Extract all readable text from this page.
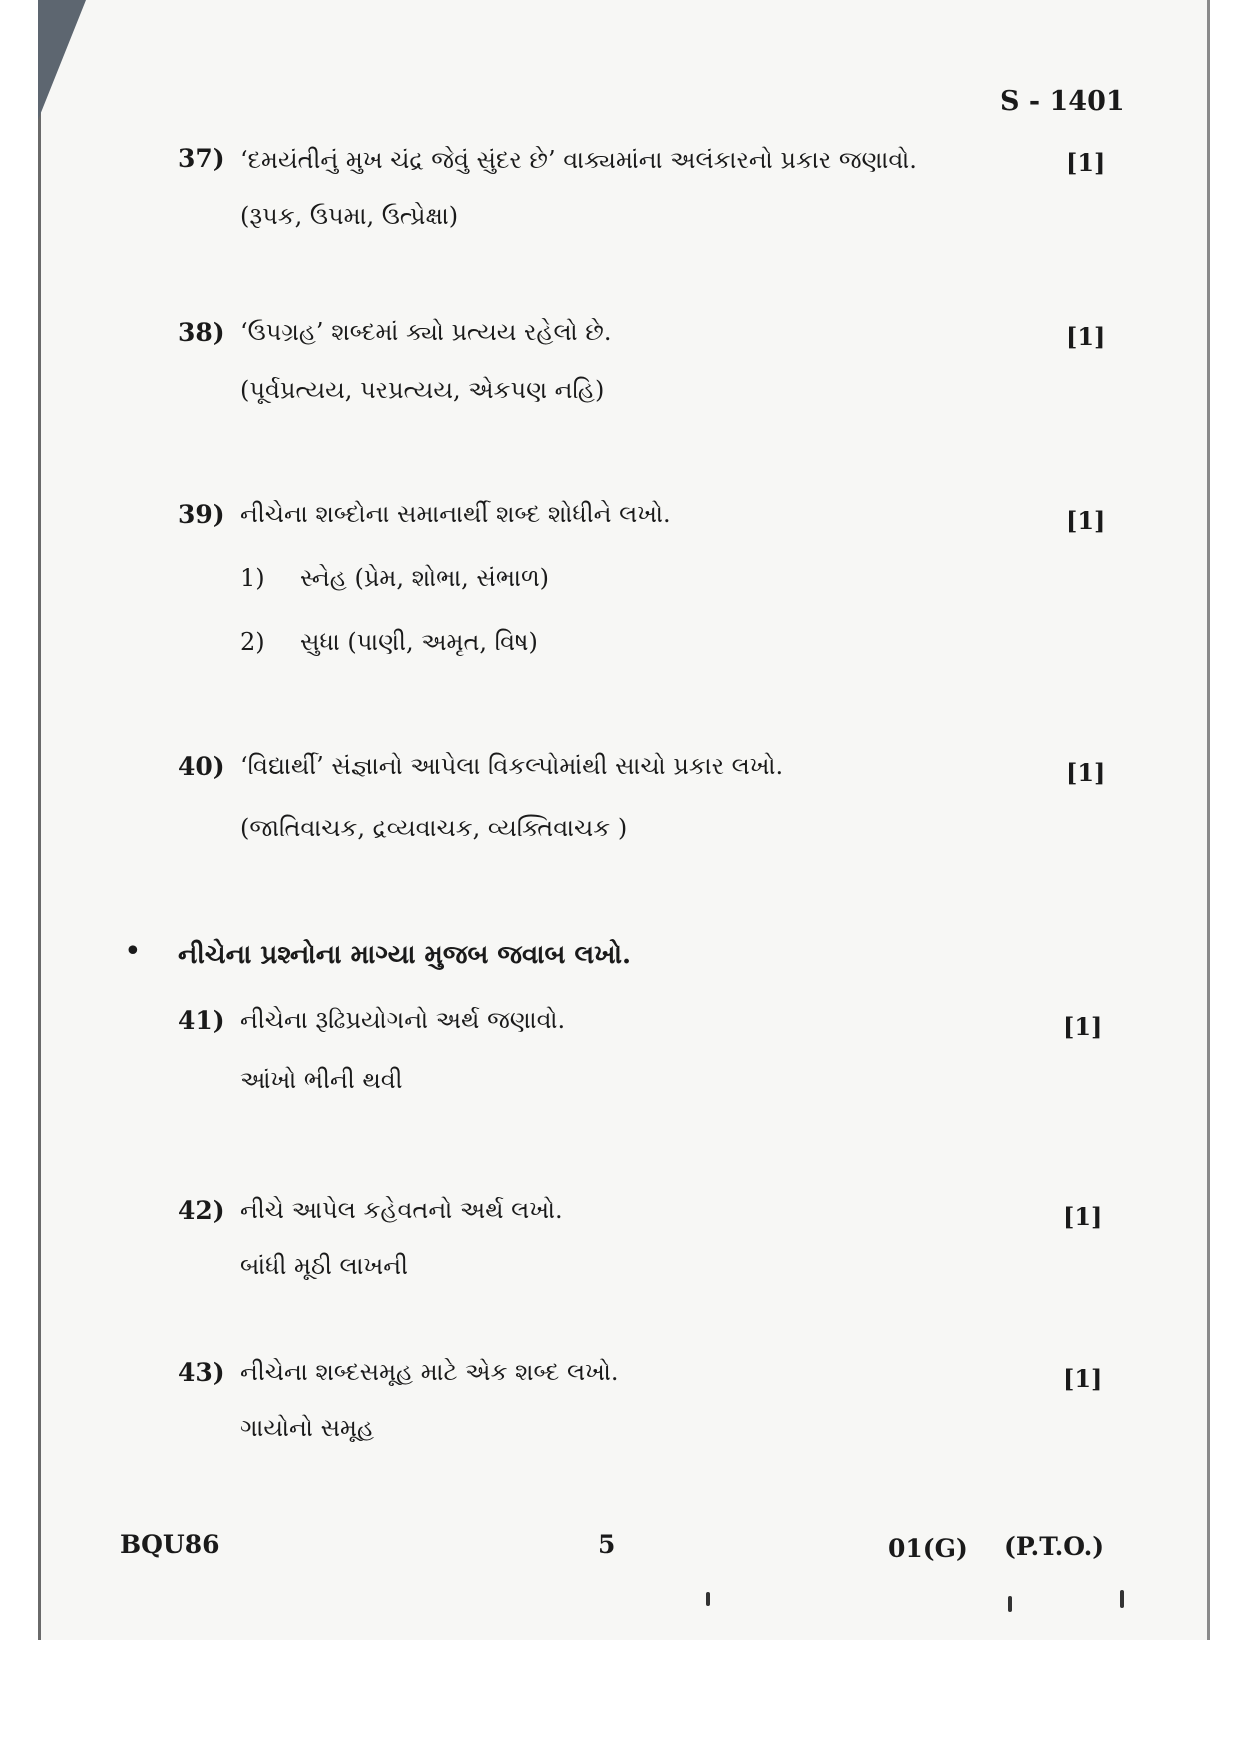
S - 1401
37) ‘દમયંતીનું મુખ ચંદ્ર જેવું સુંદર છે’ વાક્યમાંના અલંકારનો પ્રકાર જણાવો.	[1]
(રૂપક, ઉપમા, ઉત્પ્રેક્ષા)
38) ‘ઉપગ્રહ’ શબ્દમાં ક્યો પ્રત્યય રહેલો છે.	[1]
(પૂર્વપ્રત્યય, પરપ્રત્યય, એકપણ નહિ)
39) નીચેના શબ્દોના સમાનાર્થી શબ્દ શોધીને લખો.	[1]
1) સ્નેહ (પ્રેમ, શોભા, સંભાળ)
2) સુધા (પાણી, અમૃત, વિષ)
40) ‘વિદ્યાર્થી’ સંજ્ઞાનો આપેલા વિકલ્પોમાંથી સાચો પ્રકાર લખો.	[1]
(જાતિવાચક, દ્રવ્યવાચક, વ્યક્તિવાચક )
• નીચેના પ્રશ્નોના માગ્યા મુજબ જવાબ લખો.
41) નીચેના રૂઢિપ્રયોગનો અર્થ જણાવો.	[1]
આંખો ભીની થવી
42) નીચે આપેલ કહેવતનો અર્થ લખો.	[1]
બાંધી મૂઠી લાખની
43) નીચેના શબ્દસમૂહ માટે એક શબ્દ લખો.	[1]
ગાયોનો સમૂહ
BQU86	5	01(G) (P.T.O.)
